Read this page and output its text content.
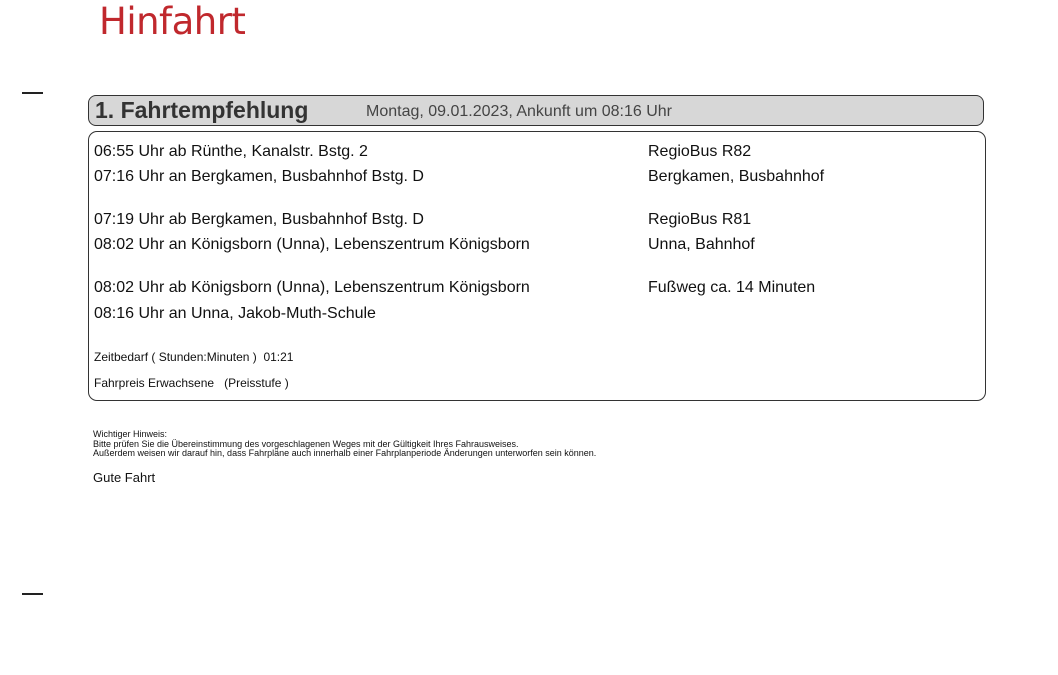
Hinfahrt
1. Fahrtempfehlung	Montag, 09.01.2023, Ankunft um 08:16 Uhr
06:55 Uhr ab Rünthe, Kanalstr. Bstg. 2
07:16 Uhr an Bergkamen, Busbahnhof Bstg. D
RegioBus R82
Bergkamen, Busbahnhof
07:19 Uhr ab Bergkamen, Busbahnhof Bstg. D
08:02 Uhr an Königsborn (Unna), Lebenszentrum Königsborn
RegioBus R81
Unna, Bahnhof
08:02 Uhr ab Königsborn (Unna), Lebenszentrum Königsborn
08:16 Uhr an Unna, Jakob-Muth-Schule
Fußweg ca. 14 Minuten
Zeitbedarf ( Stunden:Minuten ) 01:21
Fahrpreis Erwachsene (Preisstufe )
Wichtiger Hinweis:
Bitte prüfen Sie die Übereinstimmung des vorgeschlagenen Weges mit der Gültigkeit Ihres Fahrausweises.
Außerdem weisen wir darauf hin, dass Fahrpläne auch innerhalb einer Fahrplanperiode Änderungen unterworfen sein können.
Gute Fahrt
